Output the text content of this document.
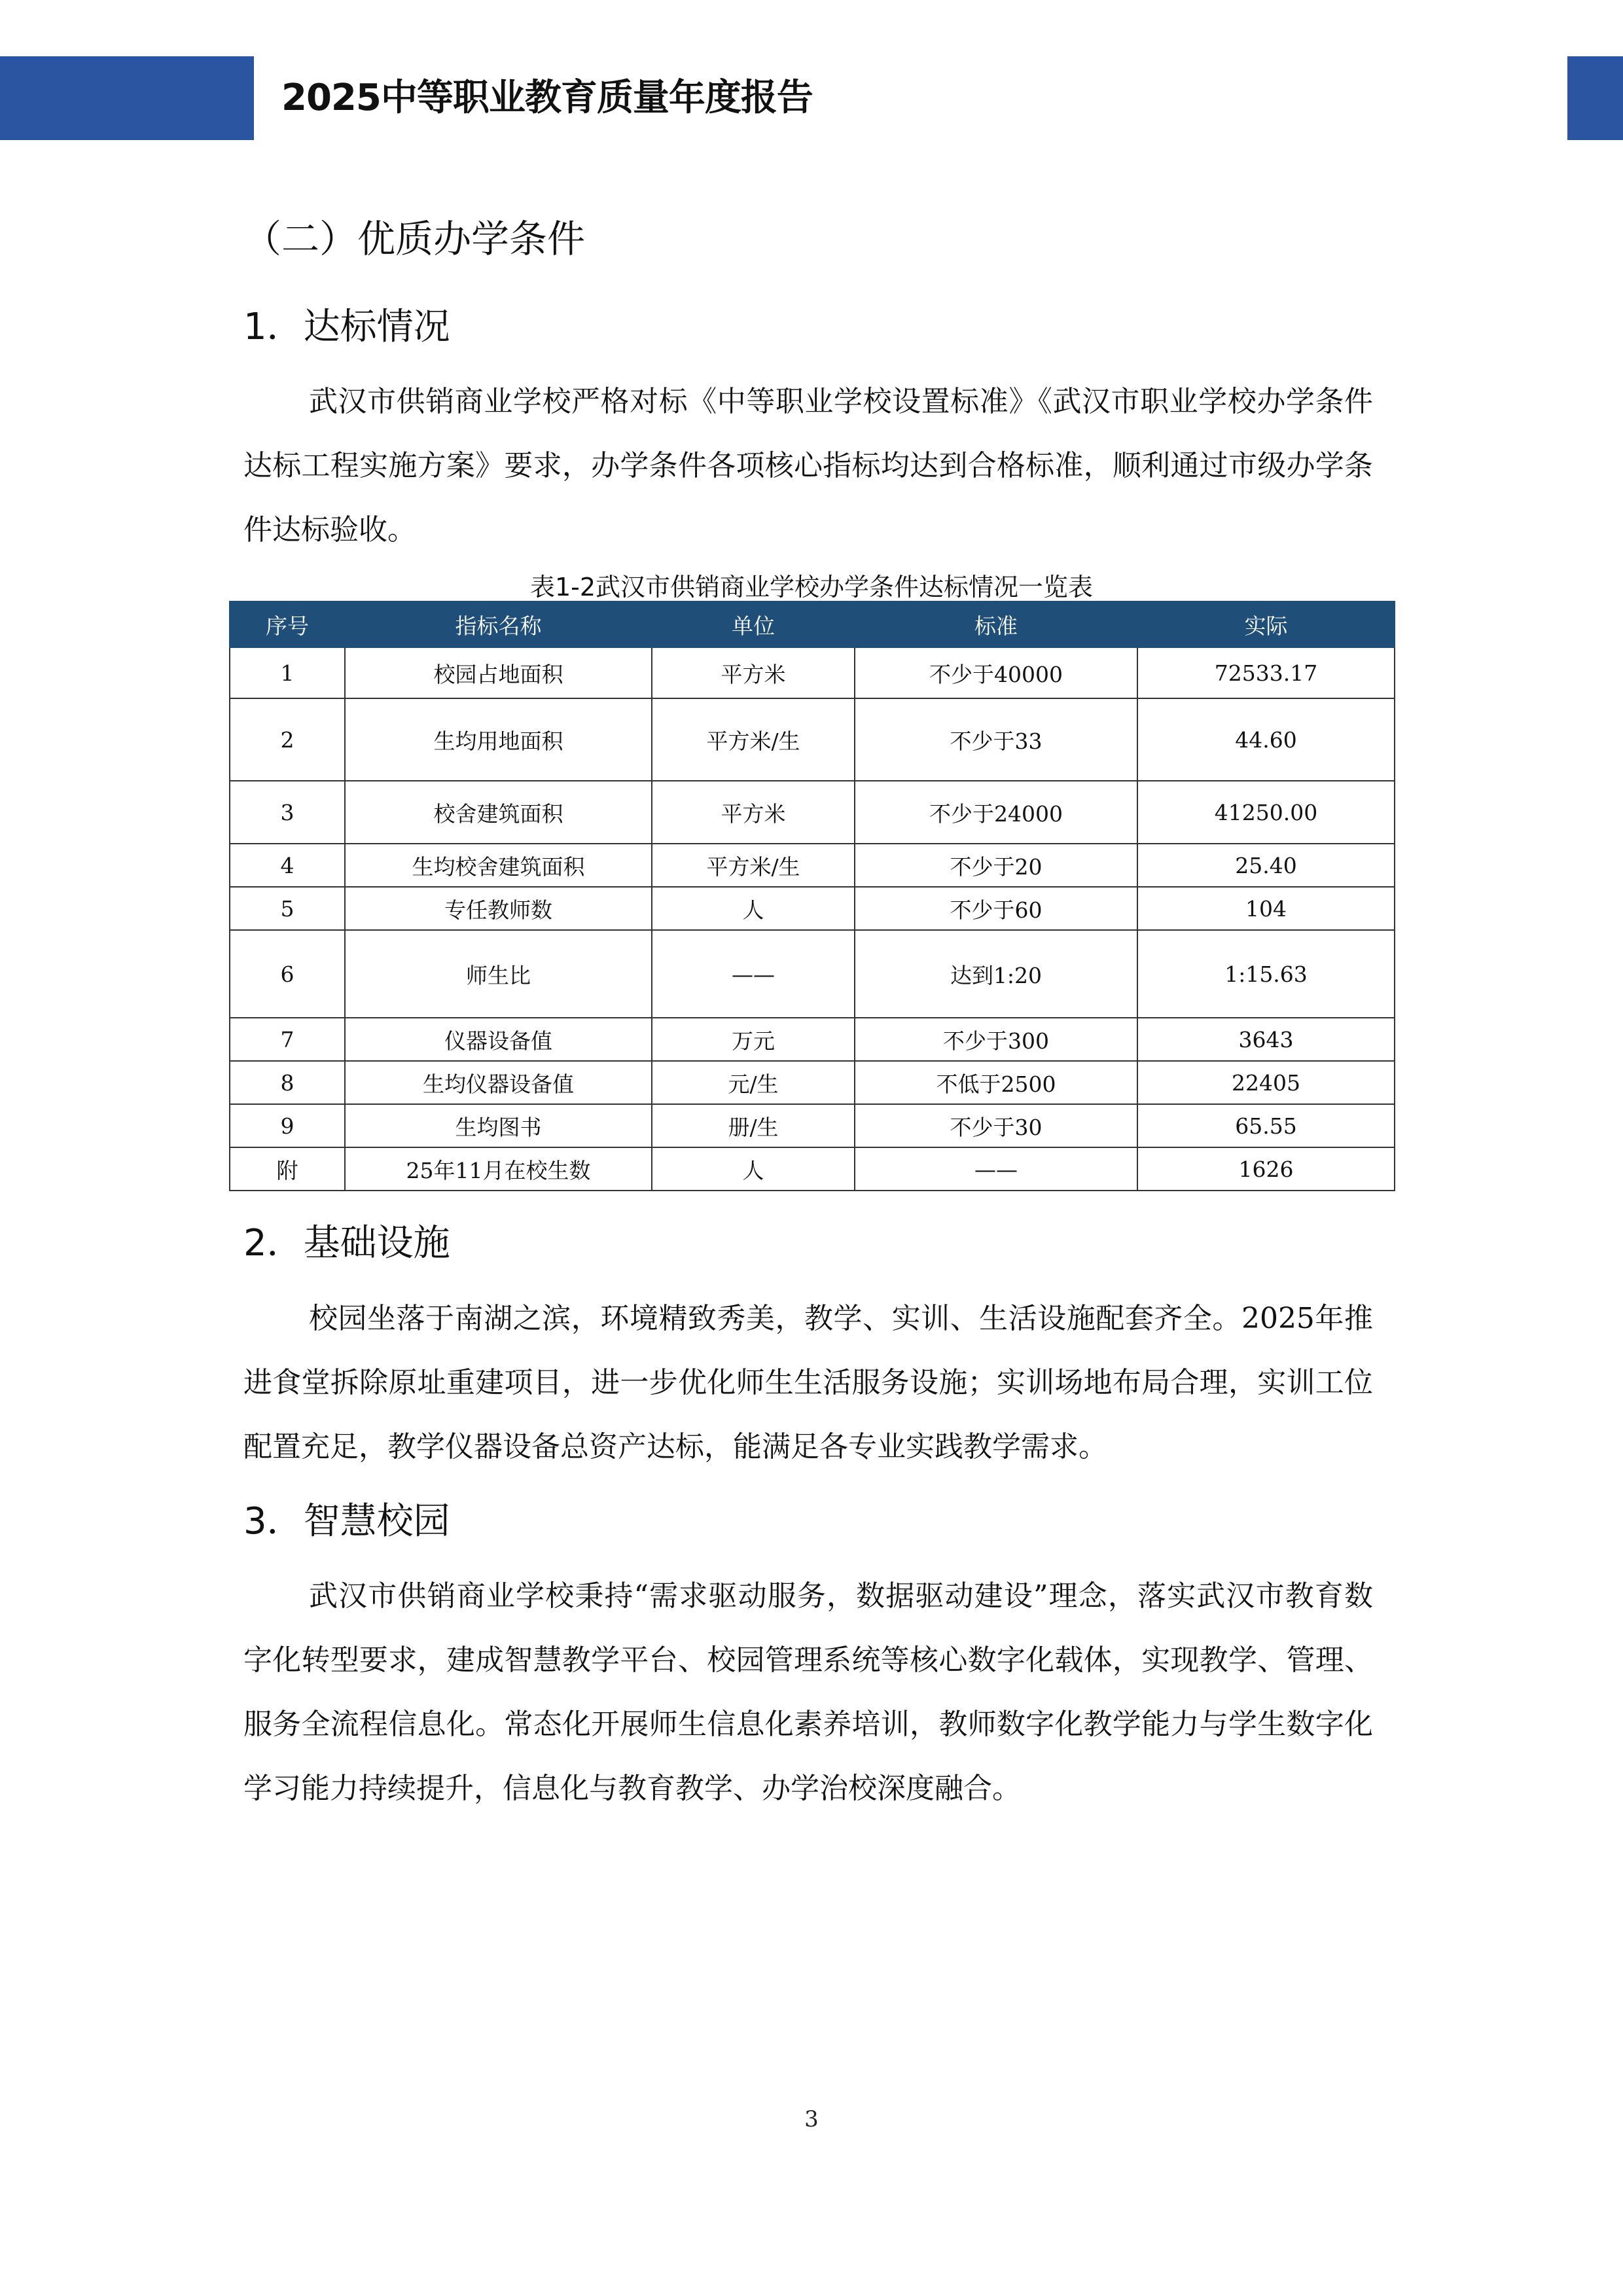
2025中等职业教育质量年度报告
（二）优质办学条件
1．达标情况

武汉市供销商业学校严格对标《中等职业学校设置标准》《武汉市职业学校办学条件达标工程实施方案》要求，办学条件各项核心指标均达到合格标准，顺利通过市级办学条件达标验收。

表1-2武汉市供销商业学校办学条件达标情况一览表
序号	指标名称	单位	标准	实际
1	校园占地面积	平方米	不少于40000	72533.17
2	生均用地面积	平方米/生	不少于33	44.60
3	校舍建筑面积	平方米	不少于24000	41250.00
4	生均校舍建筑面积	平方米/生	不少于20	25.40
5	专任教师数	人	不少于60	104
6	师生比	——	达到1:20	1:15.63
7	仪器设备值	万元	不少于300	3643
8	生均仪器设备值	元/生	不低于2500	22405
9	生均图书	册/生	不少于30	65.55
附	25年11月在校生数	人	——	1626
2．基础设施

校园坐落于南湖之滨，环境精致秀美，教学、实训、生活设施配套齐全。2025年推进食堂拆除原址重建项目，进一步优化师生生活服务设施；实训场地布局合理，实训工位配置充足，教学仪器设备总资产达标，能满足各专业实践教学需求。

3．智慧校园

武汉市供销商业学校秉持“需求驱动服务，数据驱动建设”理念，落实武汉市教育数字化转型要求，建成智慧教学平台、校园管理系统等核心数字化载体，实现教学、管理、服务全流程信息化。常态化开展师生信息化素养培训，教师数字化教学能力与学生数字化学习能力持续提升，信息化与教育教学、办学治校深度融合。

3
